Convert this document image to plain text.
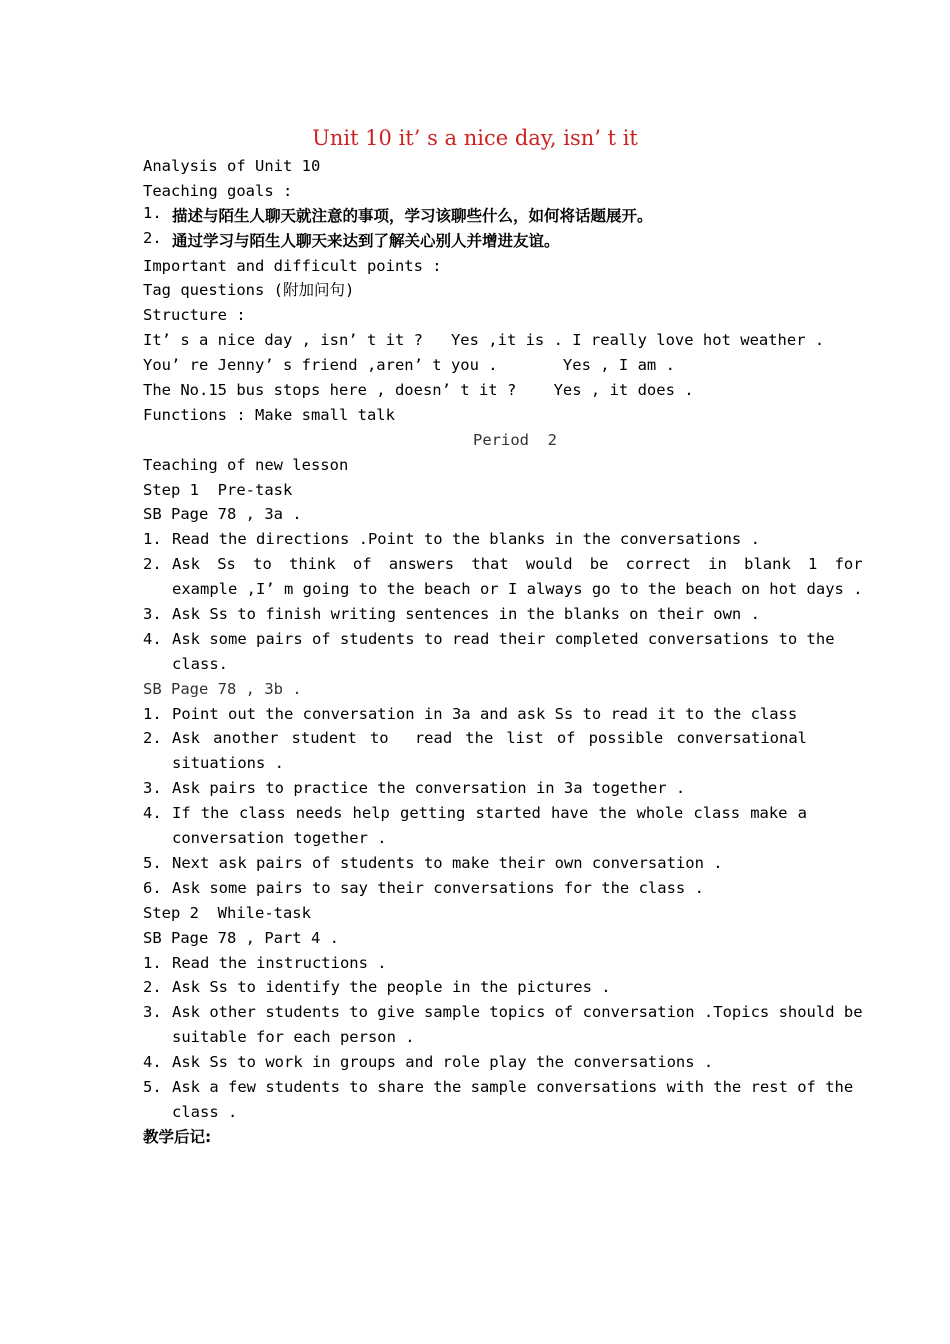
Unit 10 it’ s a nice day, isn’ t it
Analysis of Unit 10
Teaching goals :
1. 描述与陌生人聊天就注意的事项，学习该聊些什么，如何将话题展开。
2. 通过学习与陌生人聊天来达到了解关心别人并增进友谊。
Important and difficult points :
Tag questions (附加问句)
Structure :
It’ s a nice day , isn’ t it ?   Yes ,it is . I really love hot weather .
You’ re Jenny’ s friend ,aren’ t you .       Yes , I am .
The No.15 bus stops here , doesn’ t it ?    Yes , it does .
Functions : Make small talk
Period  2
Teaching of new lesson
Step 1  Pre-task
SB Page 78 , 3a .
1. Read the directions .Point to the blanks in the conversations .
2. Ask Ss to think of answers that would be correct in blank 1 for
example ,I’ m going to the beach or I always go to the beach on hot days .
3. Ask Ss to finish writing sentences in the blanks on their own .
4. Ask some pairs of students to read their completed conversations to the
class.
SB Page 78 , 3b .
1. Point out the conversation in 3a and ask Ss to read it to the class
2. Ask another student to  read the list of possible conversational
situations .
3. Ask pairs to practice the conversation in 3a together .
4. If the class needs help getting started have the whole class make a
conversation together .
5. Next ask pairs of students to make their own conversation .
6. Ask some pairs to say their conversations for the class .
Step 2  While-task
SB Page 78 , Part 4 .
1. Read the instructions .
2. Ask Ss to identify the people in the pictures .
3. Ask other students to give sample topics of conversation .Topics should be
suitable for each person .
4. Ask Ss to work in groups and role play the conversations .
5. Ask a few students to share the sample conversations with the rest of the
class .
教学后记:
